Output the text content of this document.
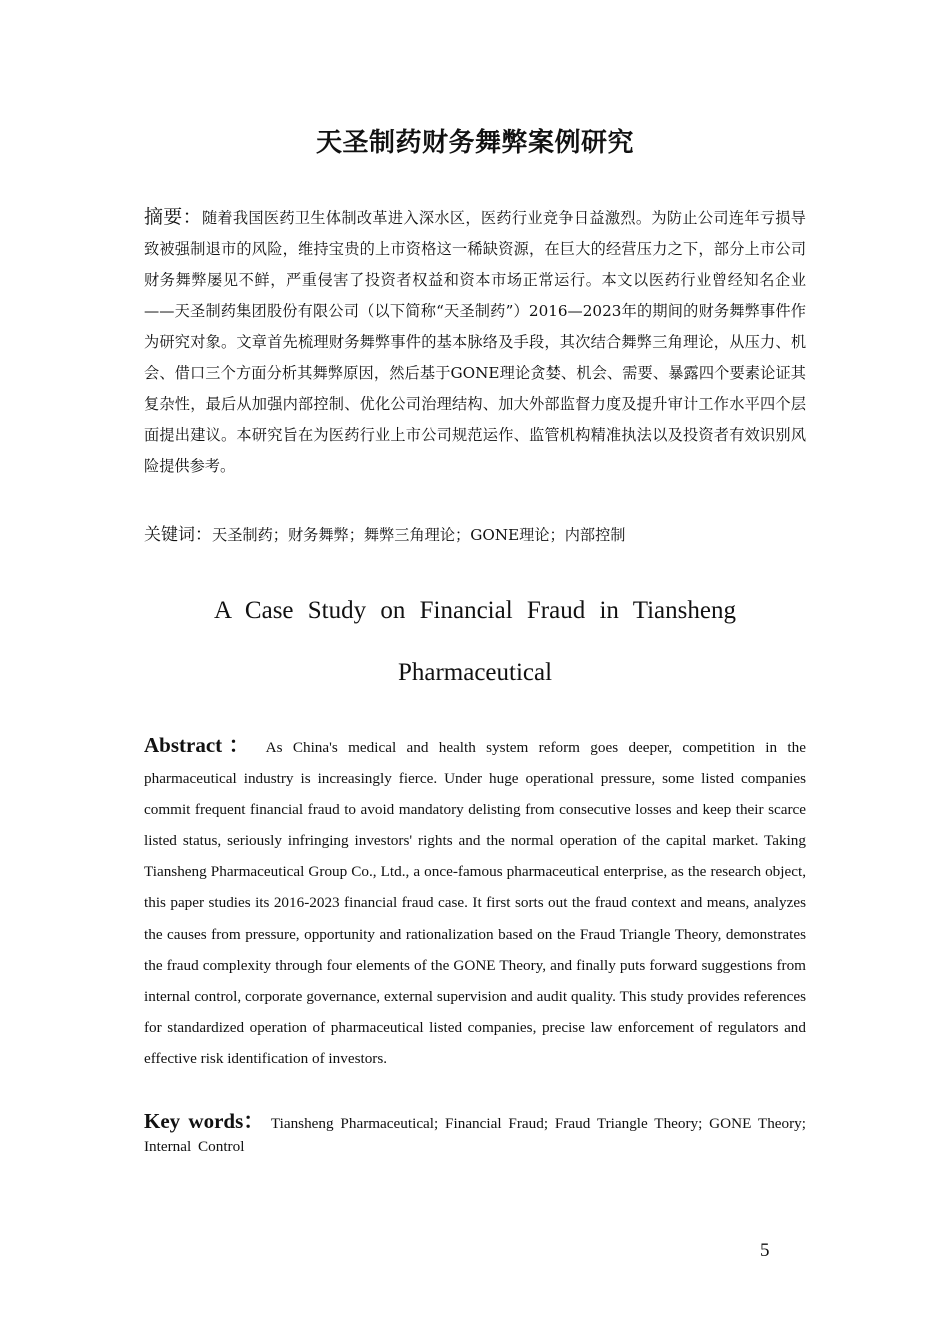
天圣制药财务舞弊案例研究

摘要：随着我国医药卫生体制改革进入深水区，医药行业竞争日益激烈。为防止公司连年亏损导致被强制退市的风险，维持宝贵的上市资格这一稀缺资源，在巨大的经营压力之下，部分上市公司财务舞弊屡见不鲜，严重侵害了投资者权益和资本市场正常运行。本文以医药行业曾经知名企业——天圣制药集团股份有限公司（以下简称“天圣制药”）2016—2023年的期间的财务舞弊事件作为研究对象。文章首先梳理财务舞弊事件的基本脉络及手段，其次结合舞弊三角理论，从压力、机会、借口三个方面分析其舞弊原因，然后基于GONE理论贪婪、机会、需要、暴露四个要素论证其复杂性，最后从加强内部控制、优化公司治理结构、加大外部监督力度及提升审计工作水平四个层面提出建议。本研究旨在为医药行业上市公司规范运作、监管机构精准执法以及投资者有效识别风险提供参考。

关键词：天圣制药；财务舞弊；舞弊三角理论；GONE理论；内部控制

A Case Study on Financial Fraud in Tiansheng Pharmaceutical

Abstract： As China's medical and health system reform goes deeper, competition in the pharmaceutical industry is increasingly fierce. Under huge operational pressure, some listed companies commit frequent financial fraud to avoid mandatory delisting from consecutive losses and keep their scarce listed status, seriously infringing investors' rights and the normal operation of the capital market. Taking Tiansheng Pharmaceutical Group Co., Ltd., a once-famous pharmaceutical enterprise, as the research object, this paper studies its 2016-2023 financial fraud case. It first sorts out the fraud context and means, analyzes the causes from pressure, opportunity and rationalization based on the Fraud Triangle Theory, demonstrates the fraud complexity through four elements of the GONE Theory, and finally puts forward suggestions from internal control, corporate governance, external supervision and audit quality. This study provides references for standardized operation of pharmaceutical listed companies, precise law enforcement of regulators and effective risk identification of investors.

Key words： Tiansheng Pharmaceutical; Financial Fraud; Fraud Triangle Theory; GONE Theory; Internal Control

5
